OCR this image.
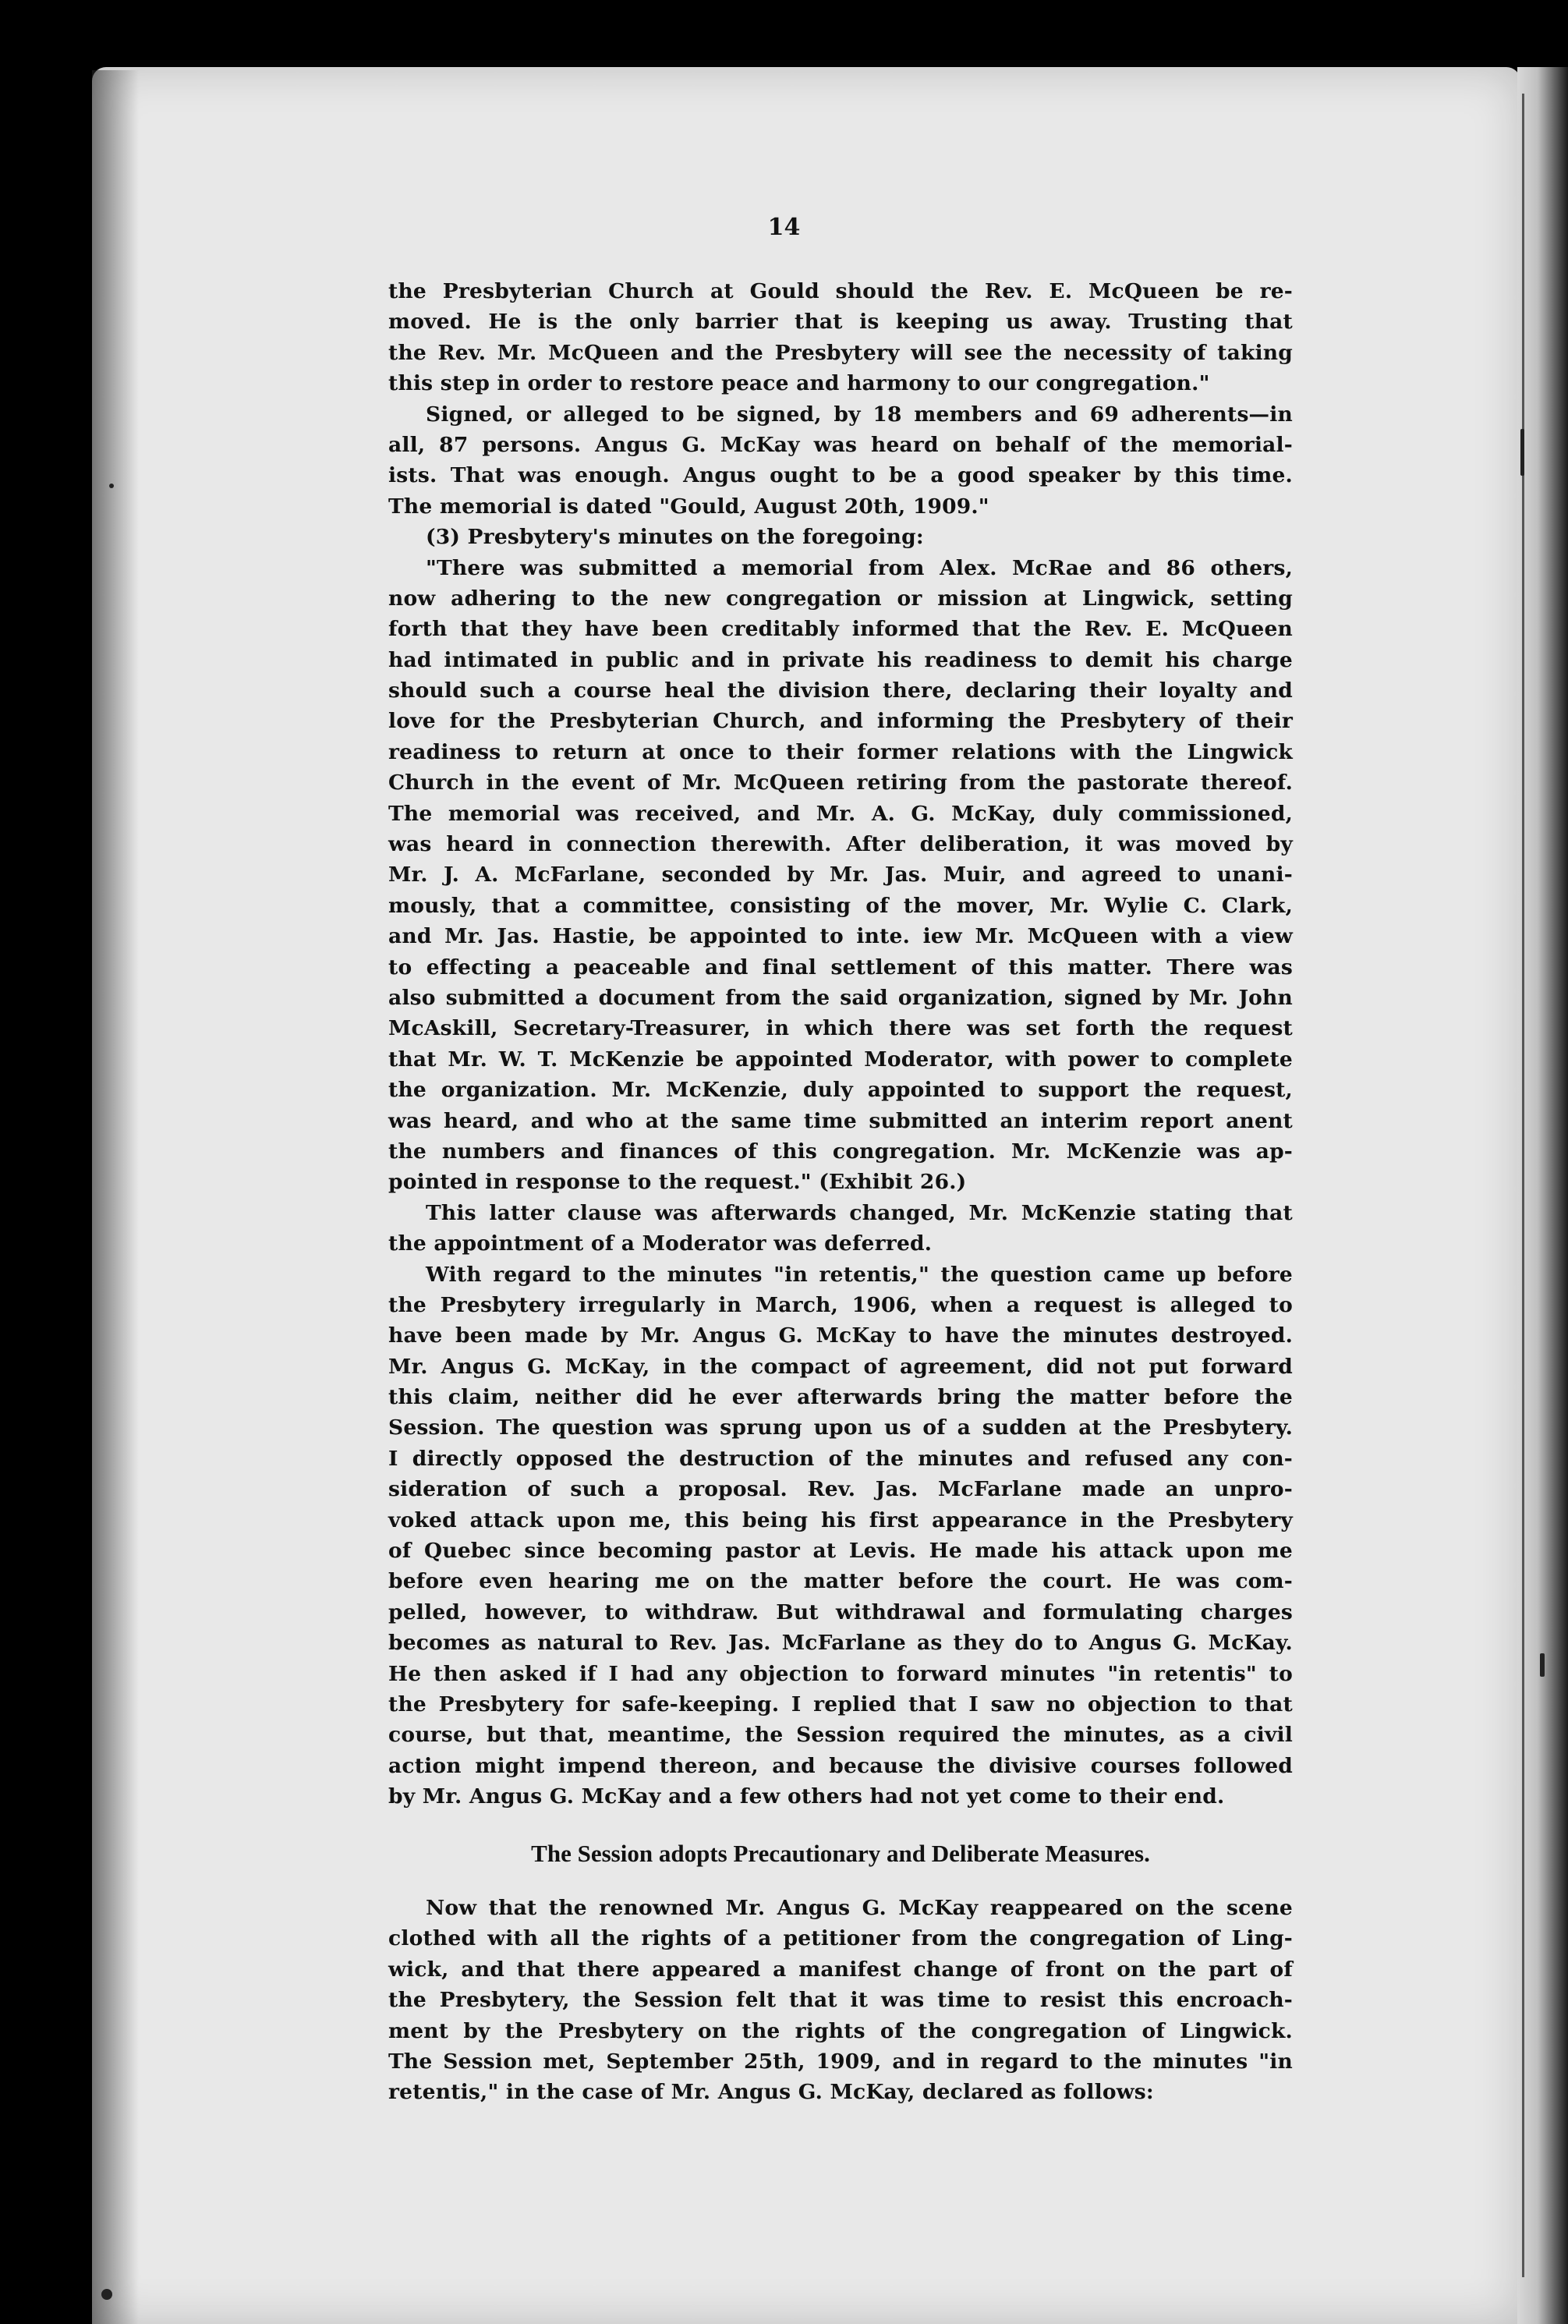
14
the Presbyterian Church at Gould should the Rev. E. McQueen be re-
moved. He is the only barrier that is keeping us away. Trusting that
the Rev. Mr. McQueen and the Presbytery will see the necessity of taking
this step in order to restore peace and harmony to our congregation."
Signed, or alleged to be signed, by 18 members and 69 adherents—in
all, 87 persons. Angus G. McKay was heard on behalf of the memorial-
ists. That was enough. Angus ought to be a good speaker by this time.
The memorial is dated "Gould, August 20th, 1909."
(3) Presbytery's minutes on the foregoing:
"There was submitted a memorial from Alex. McRae and 86 others,
now adhering to the new congregation or mission at Lingwick, setting
forth that they have been creditably informed that the Rev. E. McQueen
had intimated in public and in private his readiness to demit his charge
should such a course heal the division there, declaring their loyalty and
love for the Presbyterian Church, and informing the Presbytery of their
readiness to return at once to their former relations with the Lingwick
Church in the event of Mr. McQueen retiring from the pastorate thereof.
The memorial was received, and Mr. A. G. McKay, duly commissioned,
was heard in connection therewith. After deliberation, it was moved by
Mr. J. A. McFarlane, seconded by Mr. Jas. Muir, and agreed to unani-
mously, that a committee, consisting of the mover, Mr. Wylie C. Clark,
and Mr. Jas. Hastie, be appointed to inte. iew Mr. McQueen with a view
to effecting a peaceable and final settlement of this matter. There was
also submitted a document from the said organization, signed by Mr. John
McAskill, Secretary-Treasurer, in which there was set forth the request
that Mr. W. T. McKenzie be appointed Moderator, with power to complete
the organization. Mr. McKenzie, duly appointed to support the request,
was heard, and who at the same time submitted an interim report anent
the numbers and finances of this congregation. Mr. McKenzie was ap-
pointed in response to the request." (Exhibit 26.)
This latter clause was afterwards changed, Mr. McKenzie stating that
the appointment of a Moderator was deferred.
With regard to the minutes "in retentis," the question came up before
the Presbytery irregularly in March, 1906, when a request is alleged to
have been made by Mr. Angus G. McKay to have the minutes destroyed.
Mr. Angus G. McKay, in the compact of agreement, did not put forward
this claim, neither did he ever afterwards bring the matter before the
Session. The question was sprung upon us of a sudden at the Presbytery.
I directly opposed the destruction of the minutes and refused any con-
sideration of such a proposal. Rev. Jas. McFarlane made an unpro-
voked attack upon me, this being his first appearance in the Presbytery
of Quebec since becoming pastor at Levis. He made his attack upon me
before even hearing me on the matter before the court. He was com-
pelled, however, to withdraw. But withdrawal and formulating charges
becomes as natural to Rev. Jas. McFarlane as they do to Angus G. McKay.
He then asked if I had any objection to forward minutes "in retentis" to
the Presbytery for safe-keeping. I replied that I saw no objection to that
course, but that, meantime, the Session required the minutes, as a civil
action might impend thereon, and because the divisive courses followed
by Mr. Angus G. McKay and a few others had not yet come to their end.
The Session adopts Precautionary and Deliberate Measures.
Now that the renowned Mr. Angus G. McKay reappeared on the scene
clothed with all the rights of a petitioner from the congregation of Ling-
wick, and that there appeared a manifest change of front on the part of
the Presbytery, the Session felt that it was time to resist this encroach-
ment by the Presbytery on the rights of the congregation of Lingwick.
The Session met, September 25th, 1909, and in regard to the minutes "in
retentis," in the case of Mr. Angus G. McKay, declared as follows:
